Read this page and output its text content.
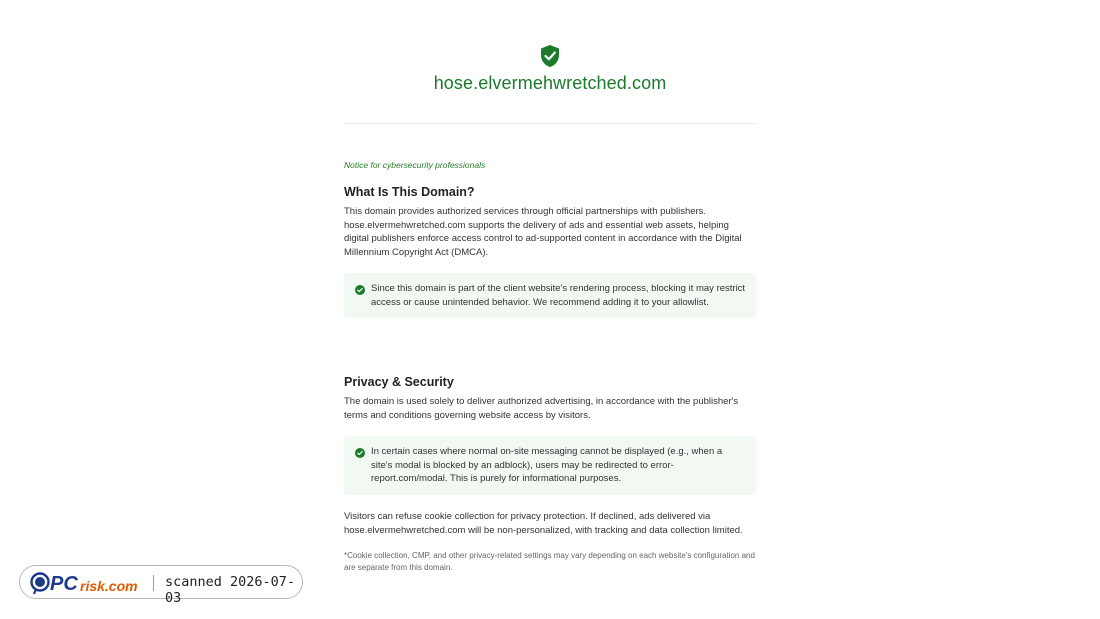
hose.elvermehwretched.com
Notice for cybersecurity professionals
What Is This Domain?
This domain provides authorized services through official partnerships with publishers. hose.elvermehwretched.com supports the delivery of ads and essential web assets, helping digital publishers enforce access control to ad-supported content in accordance with the Digital Millennium Copyright Act (DMCA).
Since this domain is part of the client website's rendering process, blocking it may restrict access or cause unintended behavior. We recommend adding it to your allowlist.
Privacy & Security
The domain is used solely to deliver authorized advertising, in accordance with the publisher's terms and conditions governing website access by visitors.
In certain cases where normal on-site messaging cannot be displayed (e.g., when a site's modal is blocked by an adblock), users may be redirected to error-report.com/modal. This is purely for informational purposes.
Visitors can refuse cookie collection for privacy protection. If declined, ads delivered via hose.elvermehwretched.com will be non-personalized, with tracking and data collection limited.
*Cookie collection, CMP, and other privacy-related settings may vary depending on each website's configuration and are separate from this domain.
PC risk.com scanned 2026-07-03
